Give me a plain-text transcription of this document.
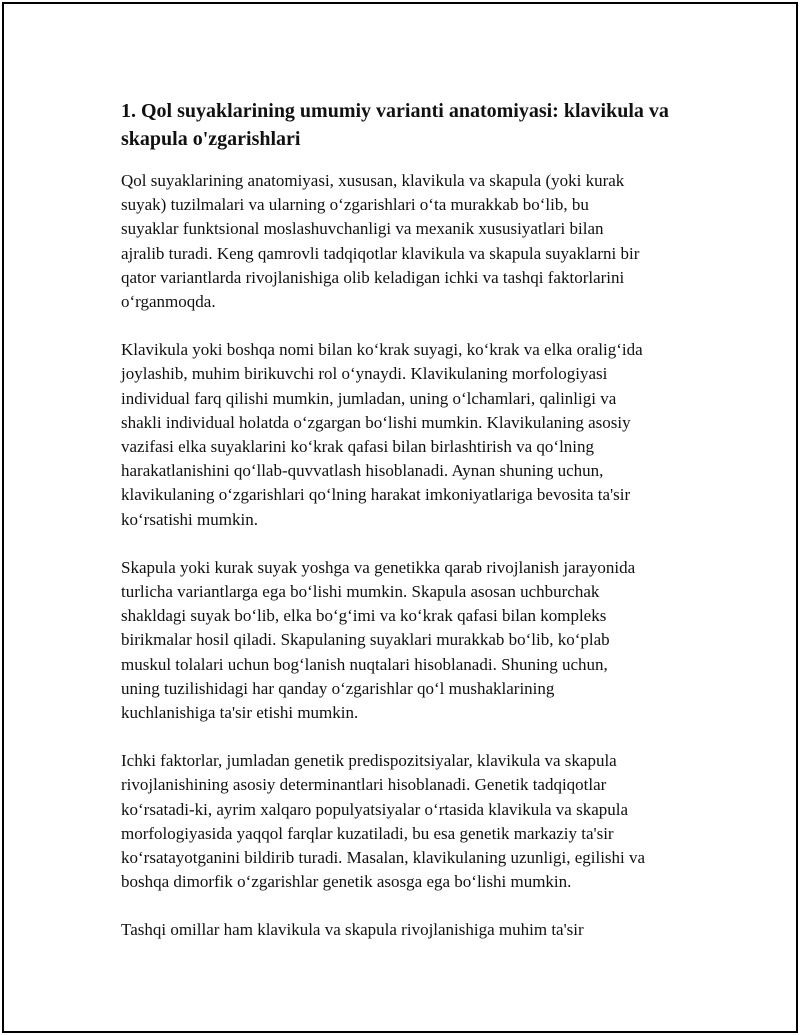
1. Qol suyaklarining umumiy varianti anatomiyasi: klavikula va skapula o'zgarishlari

Qol suyaklarining anatomiyasi, xususan, klavikula va skapula (yoki kurak
suyak) tuzilmalari va ularning oʻzgarishlari oʻta murakkab boʻlib, bu
suyaklar funktsional moslashuvchanligi va mexanik xususiyatlari bilan
ajralib turadi. Keng qamrovli tadqiqotlar klavikula va skapula suyaklarni bir
qator variantlarda rivojlanishiga olib keladigan ichki va tashqi faktorlarini
oʻrganmoqda.

Klavikula yoki boshqa nomi bilan koʻkrak suyagi, koʻkrak va elka oraligʻida
joylashib, muhim birikuvchi rol oʻynaydi. Klavikulaning morfologiyasi
individual farq qilishi mumkin, jumladan, uning oʻlchamlari, qalinligi va
shakli individual holatda oʻzgargan boʻlishi mumkin. Klavikulaning asosiy
vazifasi elka suyaklarini koʻkrak qafasi bilan birlashtirish va qoʻlning
harakatlanishini qoʻllab-quvvatlash hisoblanadi. Aynan shuning uchun,
klavikulaning oʻzgarishlari qoʻlning harakat imkoniyatlariga bevosita ta'sir
koʻrsatishi mumkin.

Skapula yoki kurak suyak yoshga va genetikka qarab rivojlanish jarayonida
turlicha variantlarga ega boʻlishi mumkin. Skapula asosan uchburchak
shakldagi suyak boʻlib, elka boʻgʻimi va koʻkrak qafasi bilan kompleks
birikmalar hosil qiladi. Skapulaning suyaklari murakkab boʻlib, koʻplab
muskul tolalari uchun bogʻlanish nuqtalari hisoblanadi. Shuning uchun,
uning tuzilishidagi har qanday oʻzgarishlar qoʻl mushaklarining
kuchlanishiga ta'sir etishi mumkin.

Ichki faktorlar, jumladan genetik predispozitsiyalar, klavikula va skapula
rivojlanishining asosiy determinantlari hisoblanadi. Genetik tadqiqotlar
koʻrsatadi-ki, ayrim xalqaro populyatsiyalar oʻrtasida klavikula va skapula
morfologiyasida yaqqol farqlar kuzatiladi, bu esa genetik markaziy ta'sir
koʻrsatayotganini bildirib turadi. Masalan, klavikulaning uzunligi, egilishi va
boshqa dimorfik oʻzgarishlar genetik asosga ega boʻlishi mumkin.

Tashqi omillar ham klavikula va skapula rivojlanishiga muhim ta'sir
